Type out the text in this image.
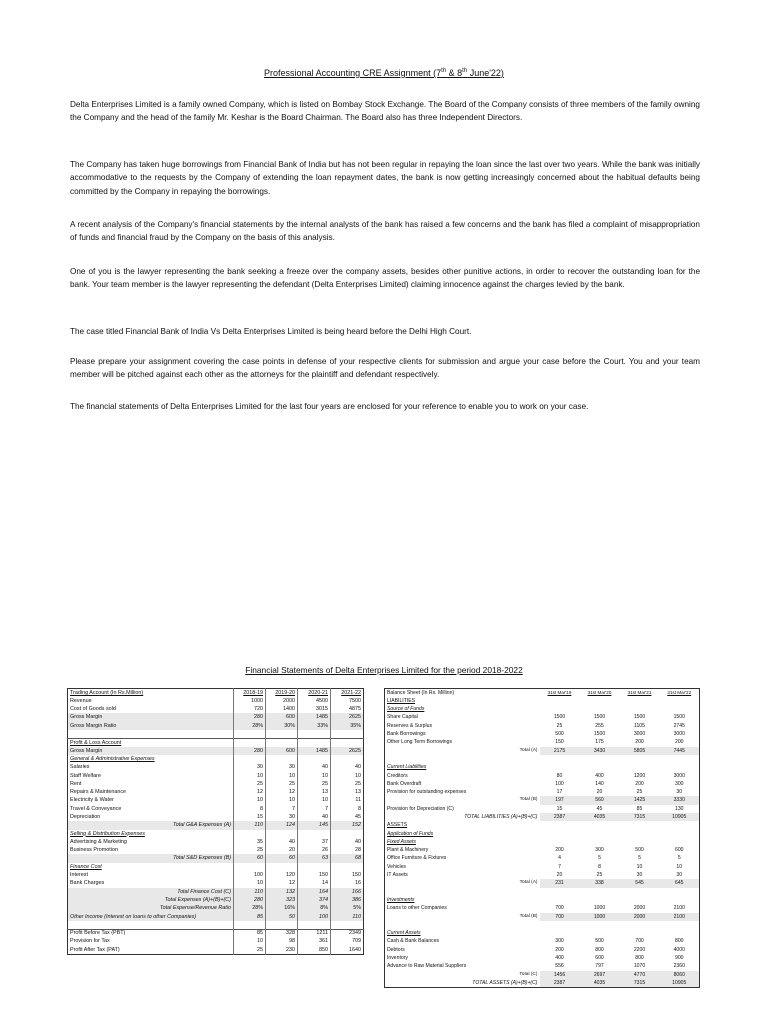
Professional Accounting CRE Assignment (7th & 8th June'22)

Delta Enterprises Limited is a family owned Company, which is listed on Bombay Stock Exchange. The Board of the Company consists of three members of the family owning the Company and the head of the family Mr. Keshar is the Board Chairman. The Board also has three Independent Directors.

The Company has taken huge borrowings from Financial Bank of India but has not been regular in repaying the loan since the last over two years. While the bank was initially accommodative to the requests by the Company of extending the loan repayment dates, the bank is now getting increasingly concerned about the habitual defaults being committed by the Company in repaying the borrowings.

A recent analysis of the Company's financial statements by the internal analysts of the bank has raised a few concerns and the bank has filed a complaint of misappropriation of funds and financial fraud by the Company on the basis of this analysis.

One of you is the lawyer representing the bank seeking a freeze over the company assets, besides other punitive actions, in order to recover the outstanding loan for the bank. Your team member is the lawyer representing the defendant (Delta Enterprises Limited) claiming innocence against the charges levied by the bank.

The case titled Financial Bank of India Vs Delta Enterprises Limited is being heard before the Delhi High Court.

Please prepare your assignment covering the case points in defense of your respective clients for submission and argue your case before the Court. You and your team member will be pitched against each other as the attorneys for the plaintiff and defendant respectively.

The financial statements of Delta Enterprises Limited for the last four years are enclosed for your reference to enable you to work on your case.

Financial Statements of Delta Enterprises Limited for the period 2018-2022
Trading Account (In Rs.Million)	2018-19	2019-20	2020-21	2021-22
Revenue	1000	2000	4500	7500
Cost of Goods sold	720	1400	3015	4875
Gross Margin	280	600	1485	2625
Gross Margin Ratio	28%	30%	33%	35%

Profit & Loss Account				
Gross Margin	280	600	1485	2625
General & Administrative Expenses				
Salaries	30	30	40	40
Staff Welfare	10	10	10	10
Rent	25	25	25	25
Repairs & Maintenance	12	12	13	13
Electricity & Water	10	10	10	11
Travel & Conveyance	8	7	7	8
Depreciation	15	30	40	45
Total G&A Expenses (A)	110	124	145	152
Selling & Distribution Expenses				
Advertising & Marketing	35	40	37	40
Business Promotion	25	20	26	28
Total S&D Expenses (B)	60	60	63	68
Finance Cost				
Interest	100	120	150	150
Bank Charges	10	12	14	16
Total Finance Cost (C)	110	132	164	166
Total Expenses (A)+(B)+(C)	280	323	374	386
Total Expense/Revenue Ratio	28%	16%	8%	5%
Other Income (Interest on loans to other Companies)	85	50	100	110

Profit Before Tax (PBT)	85	328	1211	2349
Provision for Tax	10	98	361	709
Profit After Tax (PAT)	25	230	850	1640
Balance Sheet (In Rs. Million)		31st Mar'19	31st Mar'20	31st Mar'21	31st Mar'22
LIABILITIES					
Source of Funds					
Share Capital		1500	1500	1500	1500
Reserves & Surplus		25	255	1105	2745
Bank Borrowings		500	1500	3000	3000
Other Long Term Borrowings		150	175	200	200
	Total (A)	2175	3430	5805	7445

Current Liabilities					
Creditors		80	400	1200	3000
Bank Overdraft		100	140	200	300
Provision for outstanding expenses		17	20	25	30
	Total (B)	197	560	1425	3330
Provision for Depreciation (C)		15	45	85	130
TOTAL LIABILITIES (A)+(B)+(C)		2387	4035	7315	10905
ASSETS					
Application of Funds					
Fixed Assets					
Plant & Machinery		200	300	500	600
Office Furniture & Fixtures		4	5	5	5
Vehicles		7	8	10	10
IT Assets		20	25	30	30
	Total (A)	231	338	545	645

Investments					
Loans to other Companies		700	1000	2000	2100
	Total (B)	700	1000	2000	2100

Current Assets					
Cash & Bank Balances		300	500	700	800
Debtors		200	800	2200	4000
Inventory		400	600	800	900
Advance to Raw Material Suppliers		556	797	1070	2360
	Total (C)	1456	2697	4770	8060
TOTAL ASSETS (A)+(B)+(C)		2387	4035	7315	10905
